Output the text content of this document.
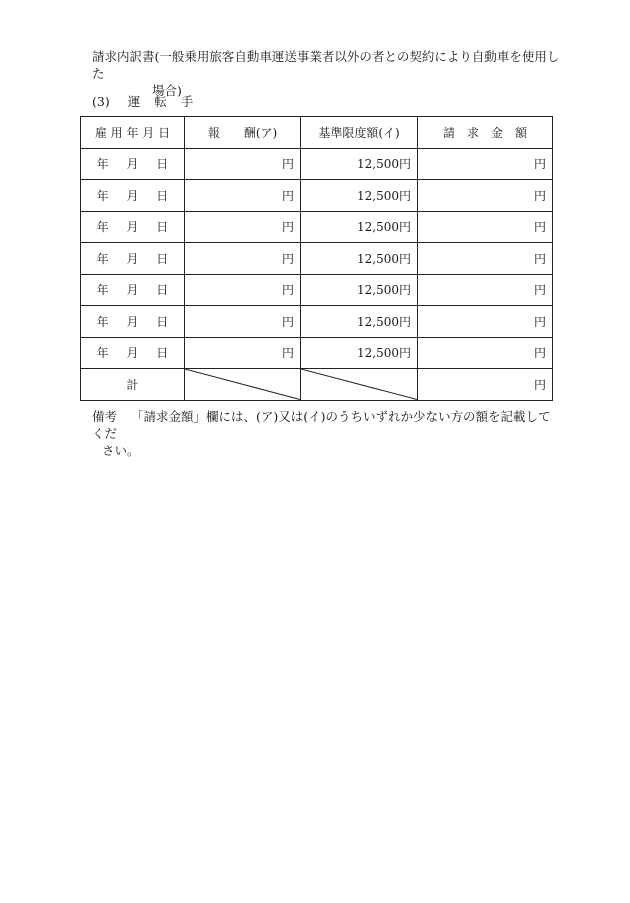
請求内訳書(一般乗用旅客自動車運送事業者以外の者との契約により自動車を使用した
場合)
(3) 運転手
雇 用 年 月 日	報　　酬(ア)	基準限度額(イ)	請　求　金　額
年 月 日	円	12,500円	円
年 月 日	円	12,500円	円
年 月 日	円	12,500円	円
年 月 日	円	12,500円	円
年 月 日	円	12,500円	円
年 月 日	円	12,500円	円
年 月 日	円	12,500円	円
計			円
備考 「請求金額」欄には、(ア)又は(イ)のうちいずれか少ない方の額を記載してくだ
さい。
